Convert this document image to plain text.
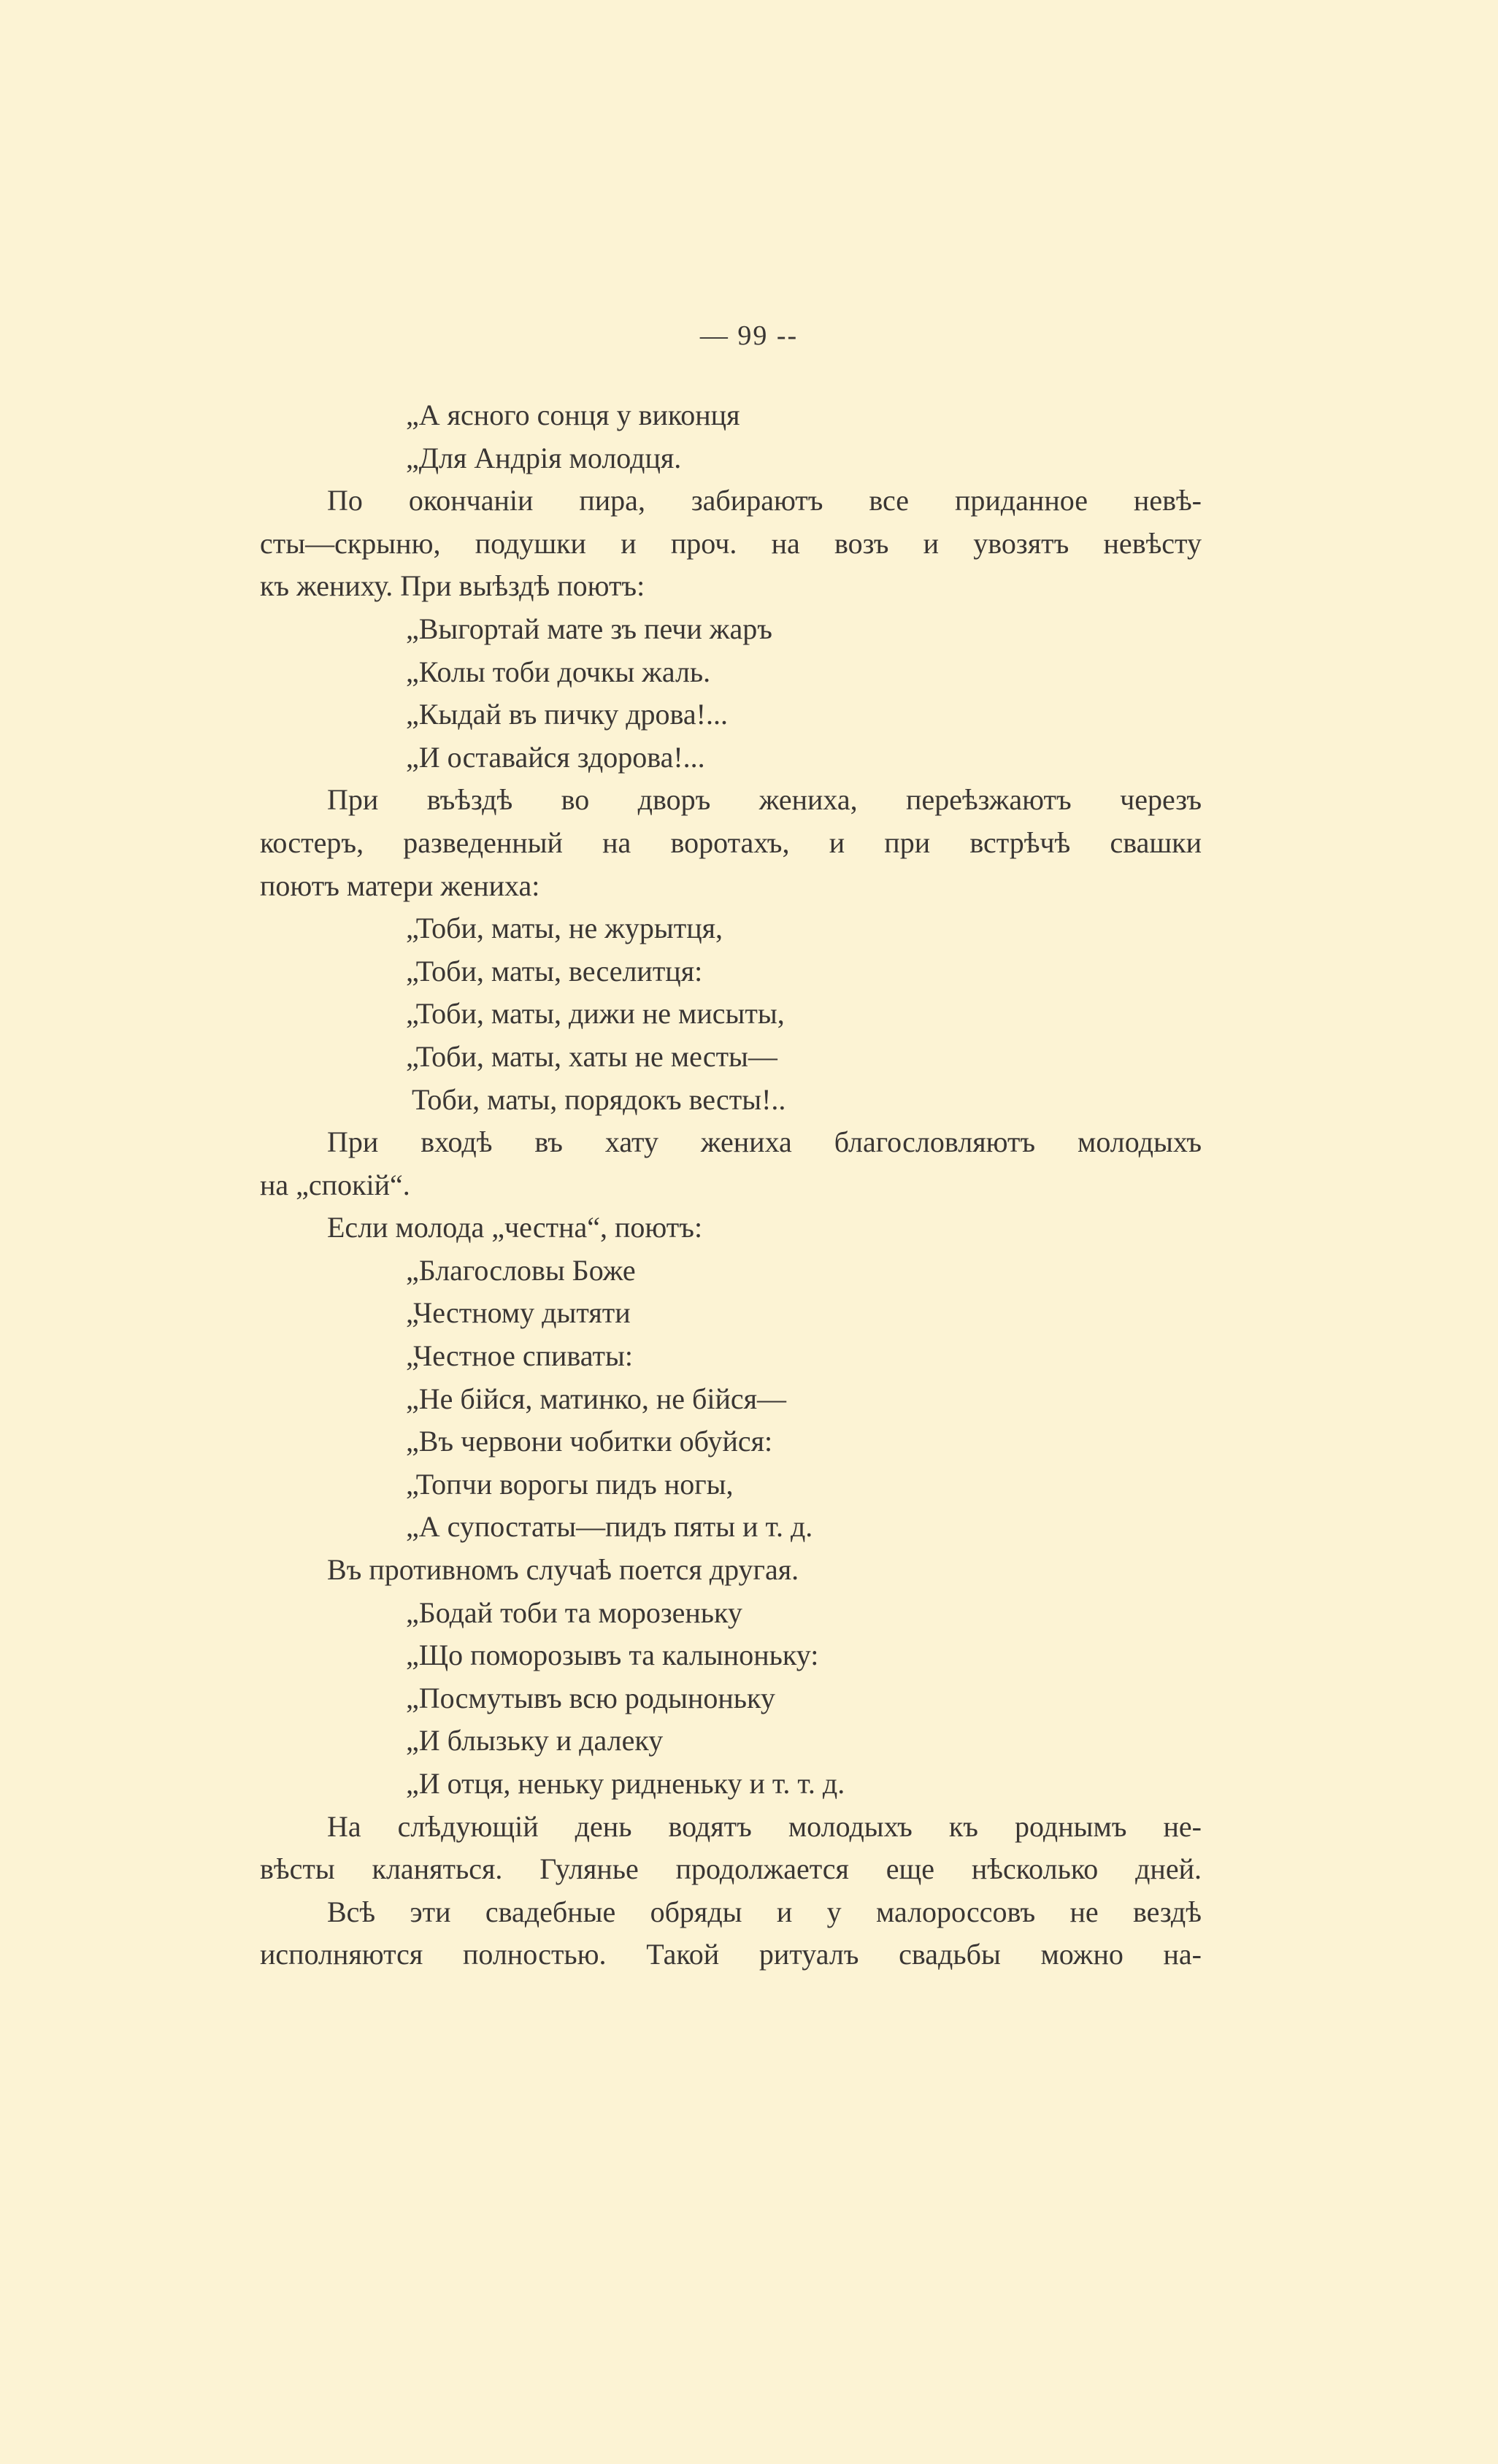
— 99 --
„А ясного сонця у виконця
„Для Андрія молодця.
По окончаніи пира, забираютъ все приданное невѣ-
сты—скрыню, подушки и проч. на возъ и увозятъ невѣсту
къ жениху. При выѣздѣ поютъ:
„Выгортай мате зъ печи жаръ
„Колы тоби дочкы жаль.
„Кыдай въ пичку дрова!...
„И оставайся здорова!...
При въѣздѣ во дворъ жениха, переѣзжаютъ черезъ
костеръ, разведенный на воротахъ, и при встрѣчѣ свашки
поютъ матери жениха:
„Тоби, маты, не журытця,
„Тоби, маты, веселитця:
„Тоби, маты, дижи не мисыты,
„Тоби, маты, хаты не месты—
Тоби, маты, порядокъ весты!..
При входѣ въ хату жениха благословляютъ молодыхъ
на „спокій“.
Если молода „честна“, поютъ:
„Благословы Боже
„Честному дытяти
„Честное спиваты:
„Не бійся, матинко, не бійся—
„Въ червони чобитки обуйся:
„Топчи ворогы пидъ ногы,
„А супостаты—пидъ пяты и т. д.
Въ противномъ случаѣ поется другая.
„Бодай тоби та морозеньку
„Що поморозывъ та калыноньку:
„Посмутывъ всю родыноньку
„И блызьку и далеку
„И отця, неньку ридненьку и т. т. д.
На слѣдующій день водятъ молодыхъ къ роднымъ не-
вѣсты кланяться. Гулянье продолжается еще нѣсколько дней.
Всѣ эти свадебные обряды и у малороссовъ не вездѣ
исполняются полностью. Такой ритуалъ свадьбы можно на-
